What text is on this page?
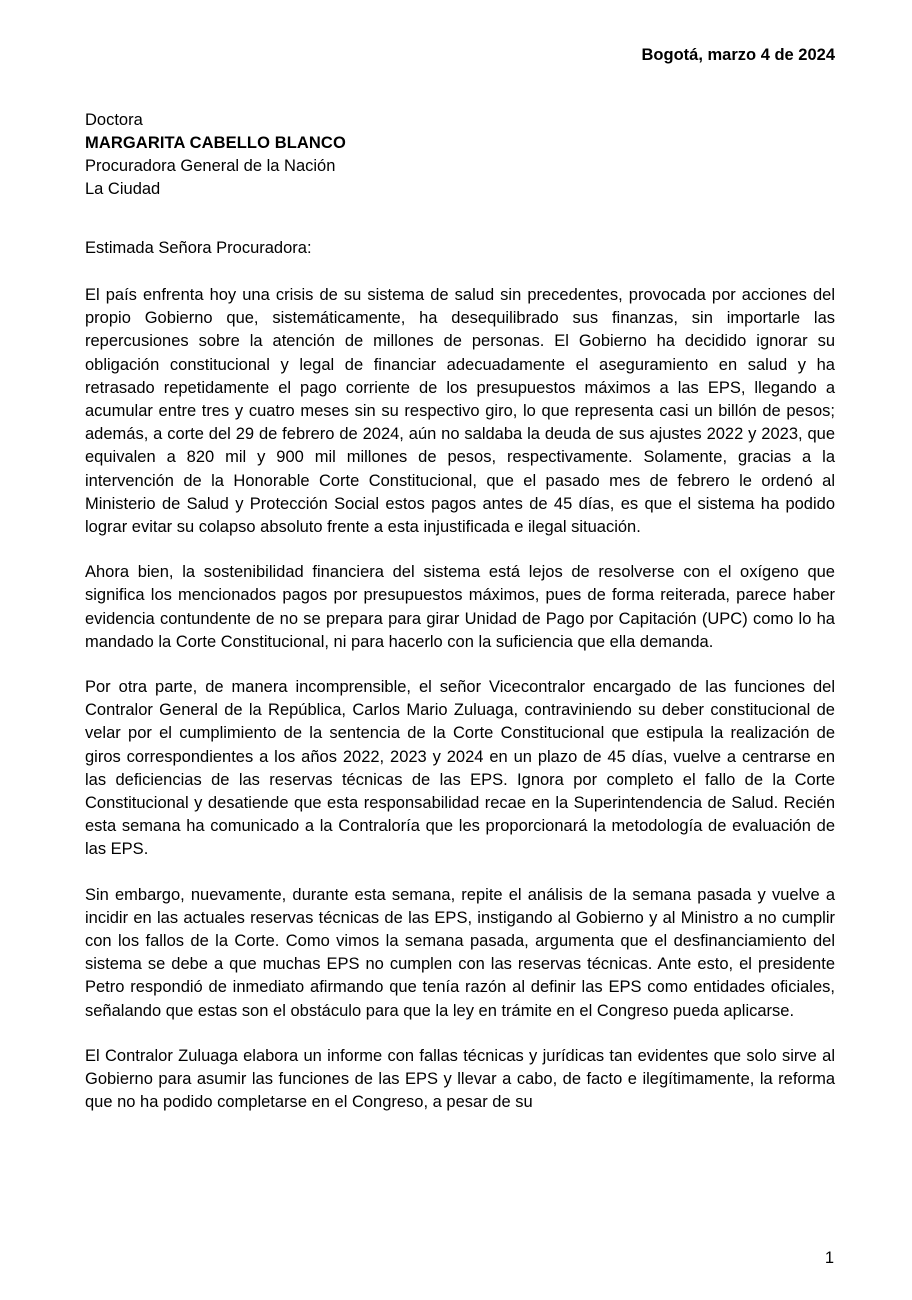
Bogotá, marzo 4 de 2024
Doctora
MARGARITA CABELLO BLANCO
Procuradora General de la Nación
La Ciudad
Estimada Señora Procuradora:

El país enfrenta hoy una crisis de su sistema de salud sin precedentes, provocada por acciones del propio Gobierno que, sistemáticamente, ha desequilibrado sus finanzas, sin importarle las repercusiones sobre la atención de millones de personas. El Gobierno ha decidido ignorar su obligación constitucional y legal de financiar adecuadamente el aseguramiento en salud y ha retrasado repetidamente el pago corriente de los presupuestos máximos a las EPS, llegando a acumular entre tres y cuatro meses sin su respectivo giro, lo que representa casi un billón de pesos; además, a corte del 29 de febrero de 2024, aún no saldaba la deuda de sus ajustes 2022 y 2023, que equivalen a 820 mil y 900 mil millones de pesos, respectivamente. Solamente, gracias a la intervención de la Honorable Corte Constitucional, que el pasado mes de febrero le ordenó al Ministerio de Salud y Protección Social estos pagos antes de 45 días, es que el sistema ha podido lograr evitar su colapso absoluto frente a esta injustificada e ilegal situación.

Ahora bien, la sostenibilidad financiera del sistema está lejos de resolverse con el oxígeno que significa los mencionados pagos por presupuestos máximos, pues de forma reiterada, parece haber evidencia contundente de no se prepara para girar Unidad de Pago por Capitación (UPC) como lo ha mandado la Corte Constitucional, ni para hacerlo con la suficiencia que ella demanda.

Por otra parte, de manera incomprensible, el señor Vicecontralor encargado de las funciones del Contralor General de la República, Carlos Mario Zuluaga, contraviniendo su deber constitucional de velar por el cumplimiento de la sentencia de la Corte Constitucional que estipula la realización de giros correspondientes a los años 2022, 2023 y 2024 en un plazo de 45 días, vuelve a centrarse en las deficiencias de las reservas técnicas de las EPS. Ignora por completo el fallo de la Corte Constitucional y desatiende que esta responsabilidad recae en la Superintendencia de Salud. Recién esta semana ha comunicado a la Contraloría que les proporcionará la metodología de evaluación de las EPS.

Sin embargo, nuevamente, durante esta semana, repite el análisis de la semana pasada y vuelve a incidir en las actuales reservas técnicas de las EPS, instigando al Gobierno y al Ministro a no cumplir con los fallos de la Corte. Como vimos la semana pasada, argumenta que el desfinanciamiento del sistema se debe a que muchas EPS no cumplen con las reservas técnicas. Ante esto, el presidente Petro respondió de inmediato afirmando que tenía razón al definir las EPS como entidades oficiales, señalando que estas son el obstáculo para que la ley en trámite en el Congreso pueda aplicarse.

El Contralor Zuluaga elabora un informe con fallas técnicas y jurídicas tan evidentes que solo sirve al Gobierno para asumir las funciones de las EPS y llevar a cabo, de facto e ilegítimamente, la reforma que no ha podido completarse en el Congreso, a pesar de su

1
